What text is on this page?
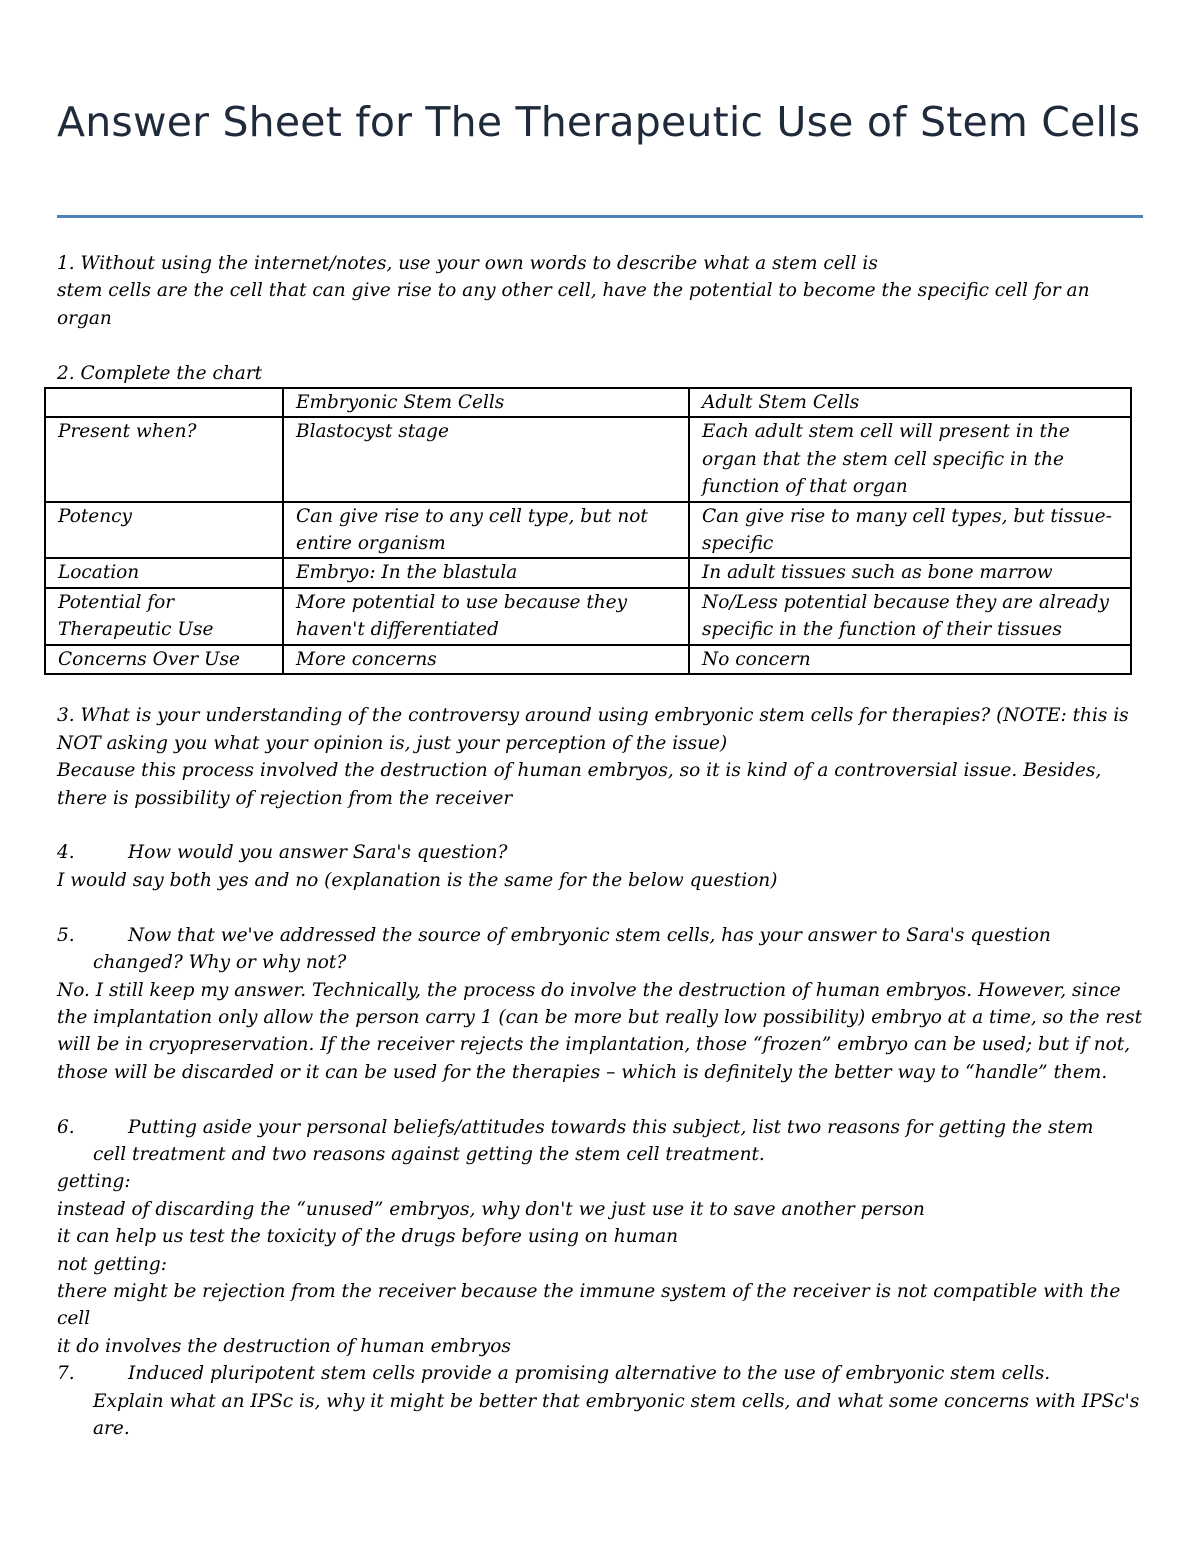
Answer Sheet for The Therapeutic Use of Stem Cells

1. Without using the internet/notes, use your own words to describe what a stem cell is

stem cells are the cell that can give rise to any other cell, have the potential to become the specific cell for an organ

2. Complete the chart

	Embryonic Stem Cells	Adult Stem Cells
Present when?	Blastocyst stage	Each adult stem cell will present in the organ that the stem cell specific in the function of that organ
Potency	Can give rise to any cell type, but not entire organism	Can give rise to many cell types, but tissue-specific
Location	Embryo: In the blastula	In adult tissues such as bone marrow
Potential for Therapeutic Use	More potential to use because they haven't differentiated	No/Less potential because they are already specific in the function of their tissues
Concerns Over Use	More concerns	No concern

3. What is your understanding of the controversy around using embryonic stem cells for therapies? (NOTE: this is NOT asking you what your opinion is, just your perception of the issue)

Because this process involved the destruction of human embryos, so it is kind of a controversial issue. Besides, there is possibility of rejection from the receiver

4.	How would you answer Sara's question?

I would say both yes and no (explanation is the same for the below question)

5.	Now that we've addressed the source of embryonic stem cells, has your answer to Sara's question

changed? Why or why not?

No. I still keep my answer. Technically, the process do involve the destruction of human embryos. However, since the implantation only allow the person carry 1 (can be more but really low possibility) embryo at a time, so the rest will be in cryopreservation. If the receiver rejects the implantation, those “frozen” embryo can be used; but if not, those will be discarded or it can be used for the therapies – which is definitely the better way to “handle” them.

6.	Putting aside your personal beliefs/attitudes towards this subject, list two reasons for getting the stem

cell treatment and two reasons against getting the stem cell treatment.

getting:

instead of discarding the “unused” embryos, why don't we just use it to save another person

it can help us test the toxicity of the drugs before using on human

not getting:

there might be rejection from the receiver because the immune system of the receiver is not compatible with the cell

it do involves the destruction of human embryos

7.	Induced pluripotent stem cells provide a promising alternative to the use of embryonic stem cells.

Explain what an IPSc is, why it might be better that embryonic stem cells, and what some concerns with IPSc's are.
